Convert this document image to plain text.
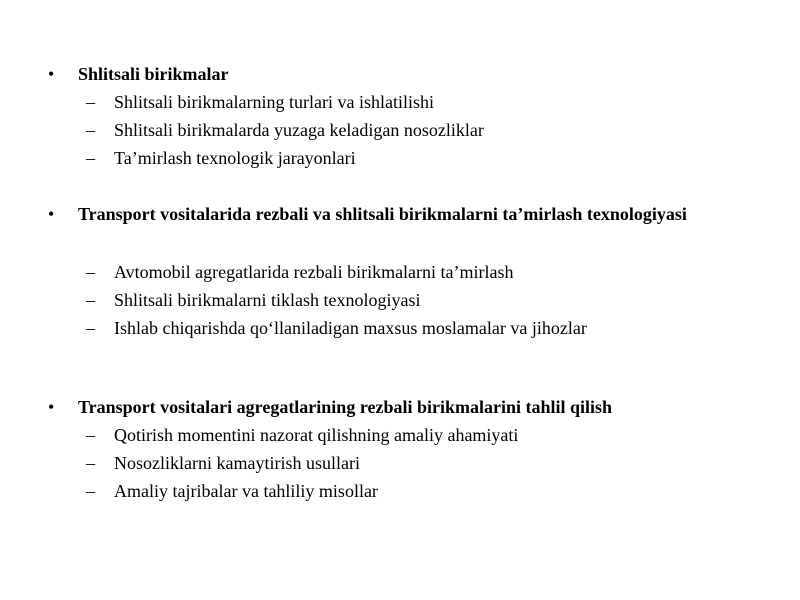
• Shlitsali birikmalar
– Shlitsali birikmalarning turlari va ishlatilishi
– Shlitsali birikmalarda yuzaga keladigan nosozliklar
– Ta’mirlash texnologik jarayonlari
• Transport vositalarida rezbali va shlitsali birikmalarni ta’mirlash texnologiyasi
– Avtomobil agregatlarida rezbali birikmalarni ta’mirlash
– Shlitsali birikmalarni tiklash texnologiyasi
– Ishlab chiqarishda qo‘llaniladigan maxsus moslamalar va jihozlar
• Transport vositalari agregatlarining rezbali birikmalarini tahlil qilish
– Qotirish momentini nazorat qilishning amaliy ahamiyati
– Nosozliklarni kamaytirish usullari
– Amaliy tajribalar va tahliliy misollar
